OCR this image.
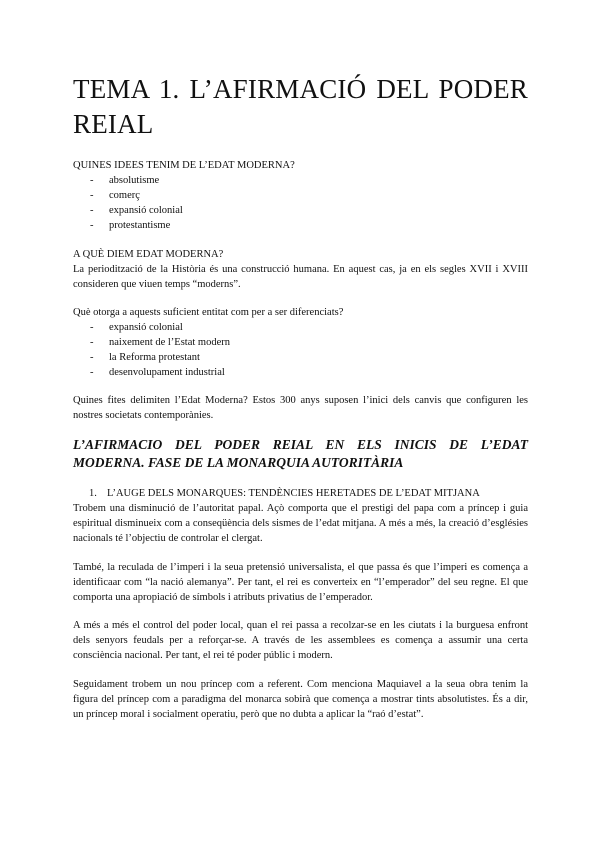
TEMA 1. L’AFIRMACIÓ DEL PODER REIAL
QUINES IDEES TENIM DE L’EDAT MODERNA?
- absolutisme
- comerç
- expansió colonial
- protestantisme
A QUÈ DIEM EDAT MODERNA?
La periodització de la Història és una construcció humana. En aquest cas, ja en els segles XVII i XVIII consideren que viuen temps “moderns”.
Què otorga a aquests suficient entitat com per a ser diferenciats?
- expansió colonial
- naixement de l’Estat modern
- la Reforma protestant
- desenvolupament industrial
Quines fites delimiten l’Edat Moderna? Estos 300 anys suposen l’inici dels canvis que configuren les nostres societats contemporànies.
L’AFIRMACIO DEL PODER REIAL EN ELS INICIS DE L’EDAT MODERNA. FASE DE LA MONARQUIA AUTORITÀRIA
1. L’AUGE DELS MONARQUES: TENDÈNCIES HERETADES DE L’EDAT MITJANA
Trobem una disminució de l’autoritat papal. Açò comporta que el prestigi del papa com a príncep i guia espiritual disminueix com a conseqüència dels sismes de l’edat mitjana. A més a més, la creació d’esglésies nacionals té l’objectiu de controlar el clergat.
També, la reculada de l’imperi i la seua pretensió universalista, el que passa és que l’imperi es comença a identificaar com “la nació alemanya”. Per tant, el rei es converteix en “l’emperador” del seu regne. El que comporta una apropiació de símbols i atributs privatius de l’emperador.
A més a més el control del poder local, quan el rei passa a recolzar-se en les ciutats i la burguesa enfront dels senyors feudals per a reforçar-se. A través de les assemblees es comença a assumir una certa consciència nacional. Per tant, el rei té poder públic i modern.
Seguidament trobem un nou príncep com a referent. Com menciona Maquiavel a la seua obra tenim la figura del príncep com a paradigma del monarca sobirà que comença a mostrar tints absolutistes. És a dir, un príncep moral i socialment operatiu, però que no dubta a aplicar la “raó d’estat”.
